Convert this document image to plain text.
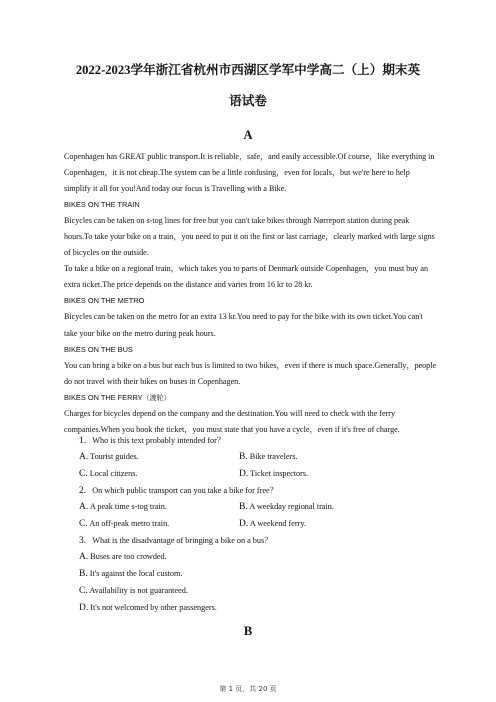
2022-2023学年浙江省杭州市西湖区学军中学高二（上）期末英
语试卷
A

Copenhagen has GREAT public transport.It is reliable，safe，and easily accessible.Of course，like everything in Copenhagen，it is not cheap.The system can be a little confusing，even for locals，but we're here to help simplify it all for you!And today our focus is Travelling with a Bike.

BIKES ON THE TRAIN

Bicycles can be taken on s-tog lines for free but you can't take bikes through Nørreport station during peak hours.To take your bike on a train，you need to put it on the first or last carriage，clearly marked with large signs of bicycles on the outside.

To take a bike on a regional train，which takes you to parts of Denmark outside Copenhagen，you must buy an extra ticket.The price depends on the distance and varies from 16 kr to 28 kr.

BIKES ON THE METRO

Bicycles can be taken on the metro for an extra 13 kr.You need to pay for the bike with its own ticket.You can't take your bike on the metro during peak hours.

BIKES ON THE BUS

You can bring a bike on a bus but each bus is limited to two bikes，even if there is much space.Generally，people do not travel with their bikes on buses in Copenhagen.

BIKES ON THE FERRY（渡轮）

Charges for bicycles depend on the company and the destination.You will need to check with the ferry companies.When you book the ticket，you must state that you have a cycle，even if it's free of charge.

1. Who is this text probably intended for？
A. Tourist guides.	B. Bike travelers.
C. Local citizens.	D. Ticket inspectors.
2. On which public transport can you take a bike for free？
A. A peak time s-tog train.	B. A weekday regional train.
C. An off-peak metro train.	D. A weekend ferry.
3. What is the disadvantage of bringing a bike on a bus？
A. Buses are too crowded.
B. It's against the local custom.
C. Availability is not guaranteed.
D. It's not welcomed by other passengers.
B
第 1 页，共 20 页
